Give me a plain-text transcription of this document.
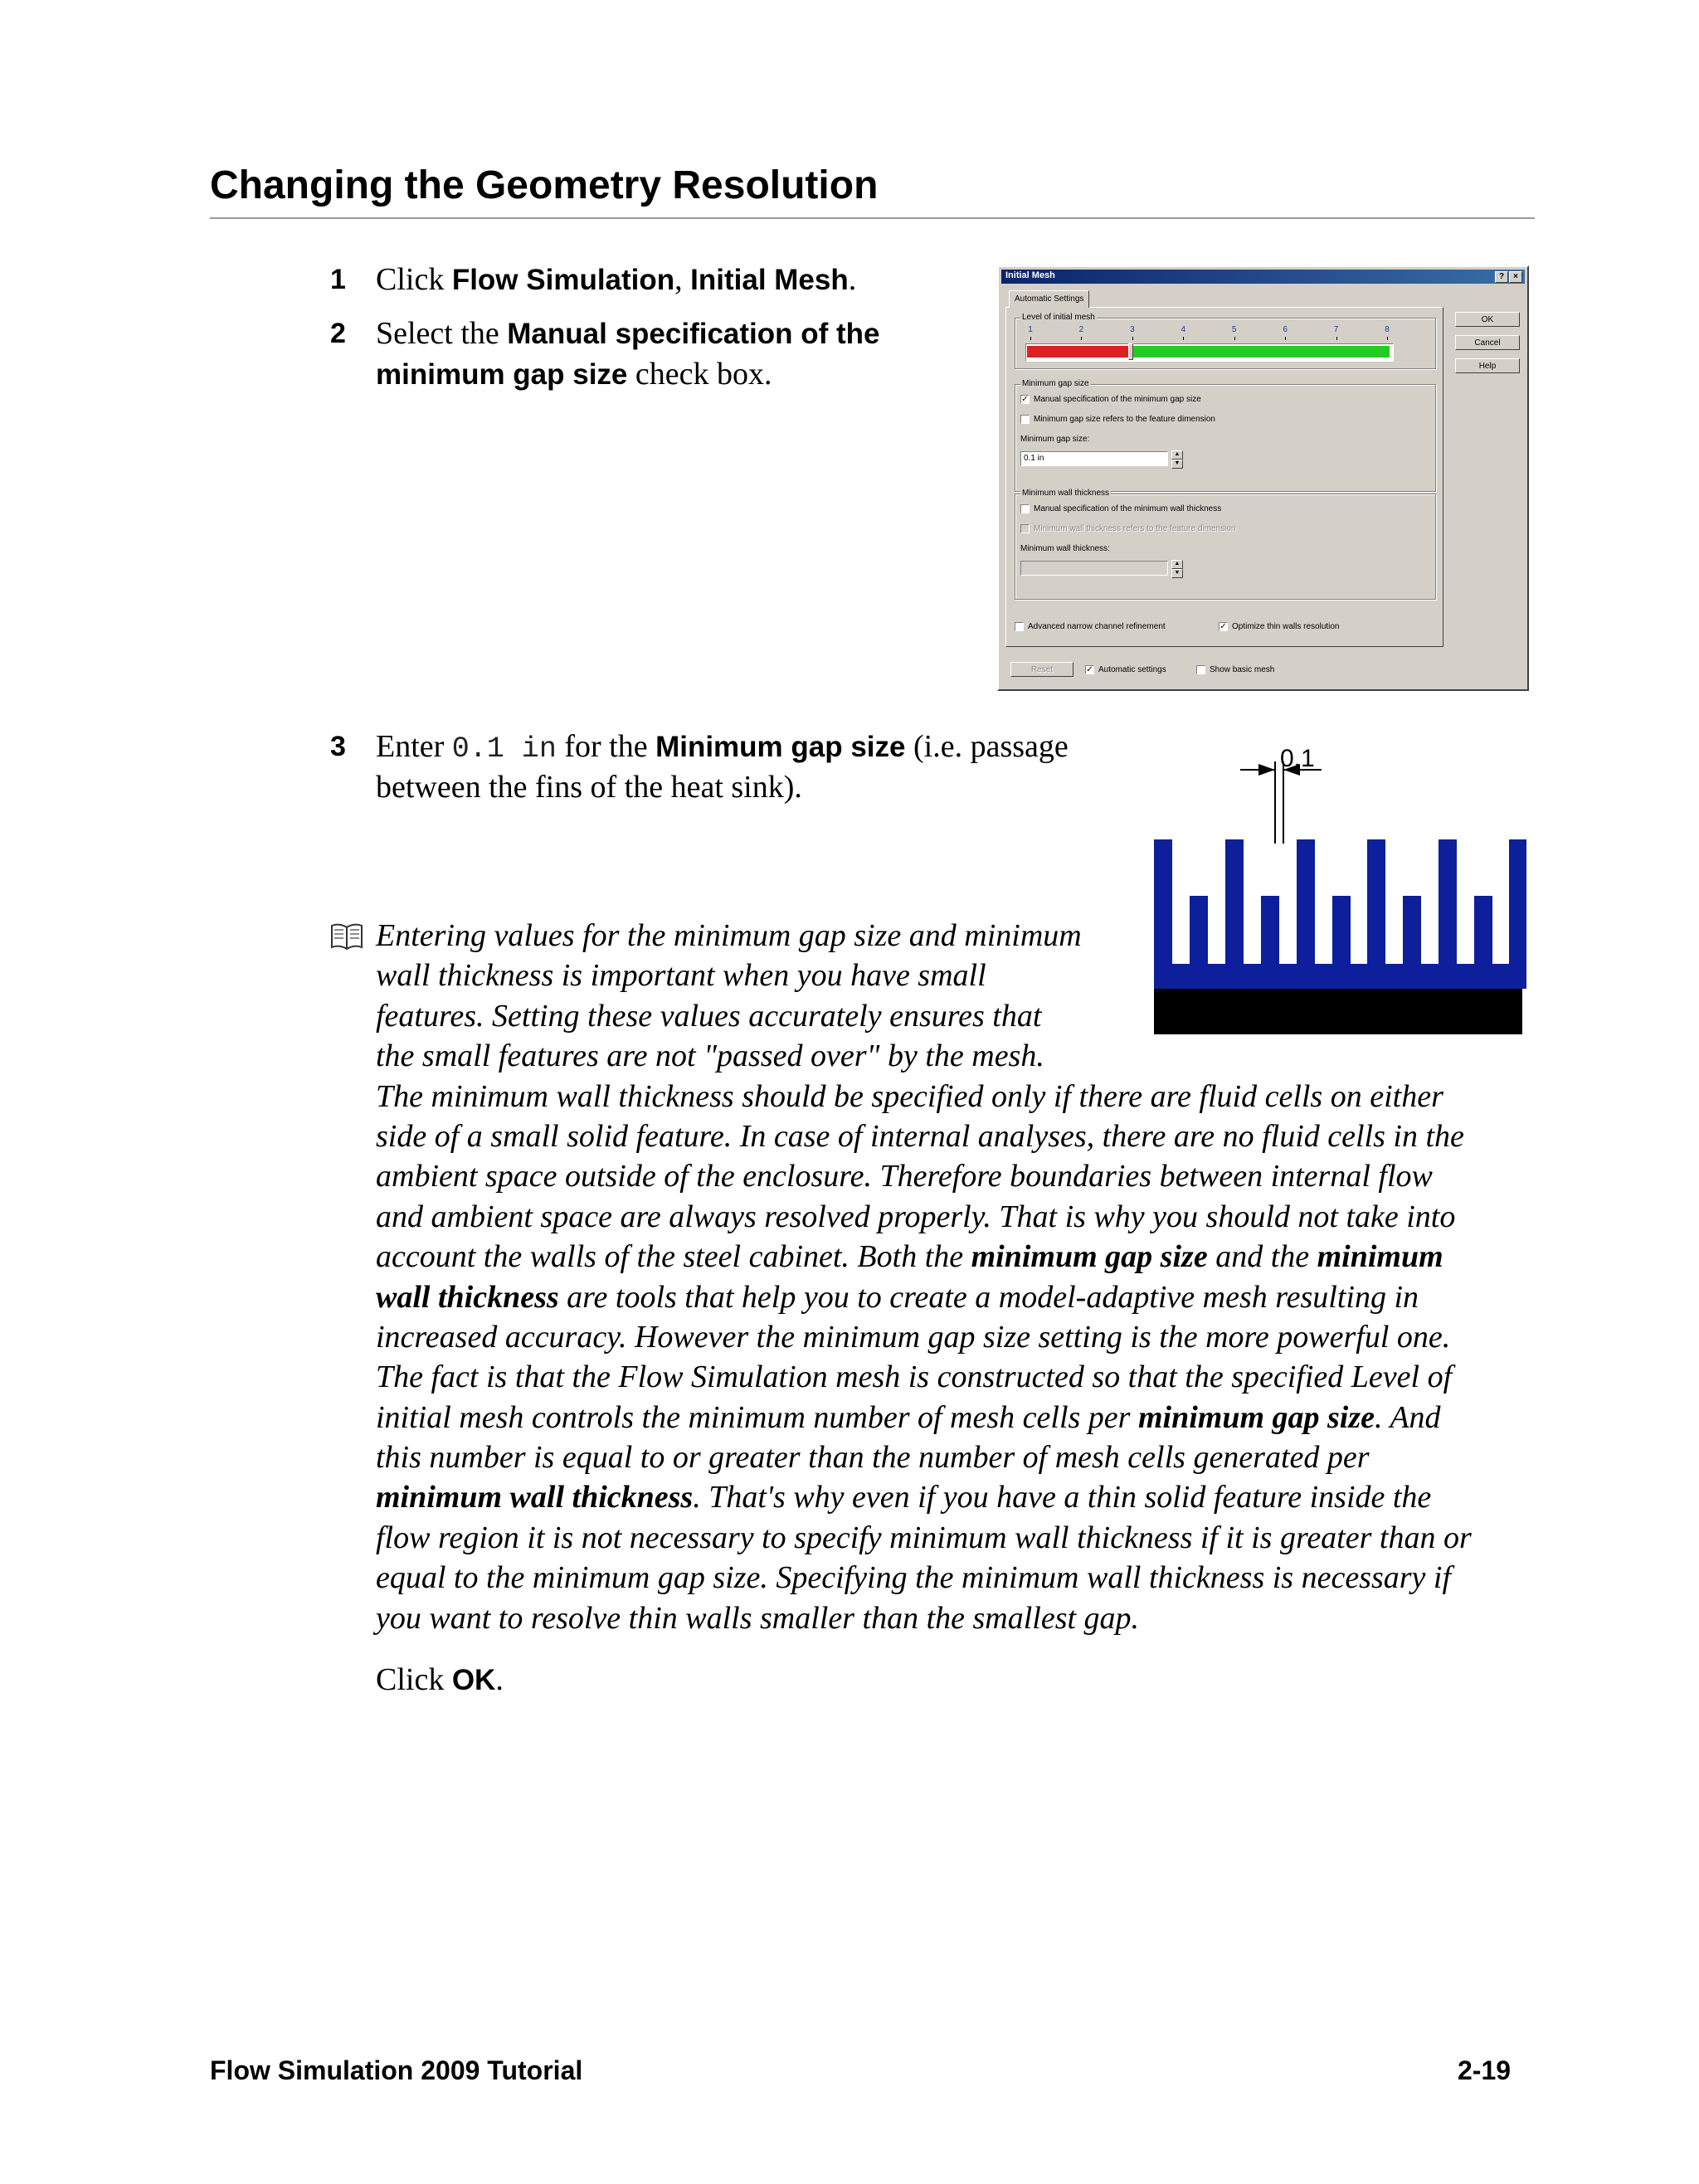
Changing the Geometry Resolution
1 Click Flow Simulation, Initial Mesh.
2 Select the Manual specification of the
minimum gap size check box.
3 Enter 0.1 in for the Minimum gap size (i.e. passage
between the fins of the heat sink).
Entering values for the minimum gap size and minimum
wall thickness is important when you have small
features. Setting these values accurately ensures that
the small features are not "passed over" by the mesh.
The minimum wall thickness should be specified only if there are fluid cells on either
side of a small solid feature. In case of internal analyses, there are no fluid cells in the
ambient space outside of the enclosure. Therefore boundaries between internal flow
and ambient space are always resolved properly. That is why you should not take into
account the walls of the steel cabinet. Both the minimum gap size and the minimum
wall thickness are tools that help you to create a model-adaptive mesh resulting in
increased accuracy. However the minimum gap size setting is the more powerful one.
The fact is that the Flow Simulation mesh is constructed so that the specified Level of
initial mesh controls the minimum number of mesh cells per minimum gap size. And
this number is equal to or greater than the number of mesh cells generated per
minimum wall thickness. That's why even if you have a thin solid feature inside the
flow region it is not necessary to specify minimum wall thickness if it is greater than or
equal to the minimum gap size. Specifying the minimum wall thickness is necessary if
you want to resolve thin walls smaller than the smallest gap.
Click OK.
Initial Mesh	?	×
Automatic Settings
Level of initial mesh
1	2	3	4	5	6	7	8
Minimum gap size
✓ Manual specification of the minimum gap size
Minimum gap size refers to the feature dimension
Minimum gap size:
0.1 in	▲
▼
Minimum wall thickness
Manual specification of the minimum wall thickness
Minimum wall thickness refers to the feature dimension
Minimum wall thickness:
▲
▼
Advanced narrow channel refinement	✓ Optimize thin walls resolution
OK
Cancel
Help
Reset	✓ Automatic settings	Show basic mesh
0.1
Flow Simulation 2009 Tutorial	2-19
